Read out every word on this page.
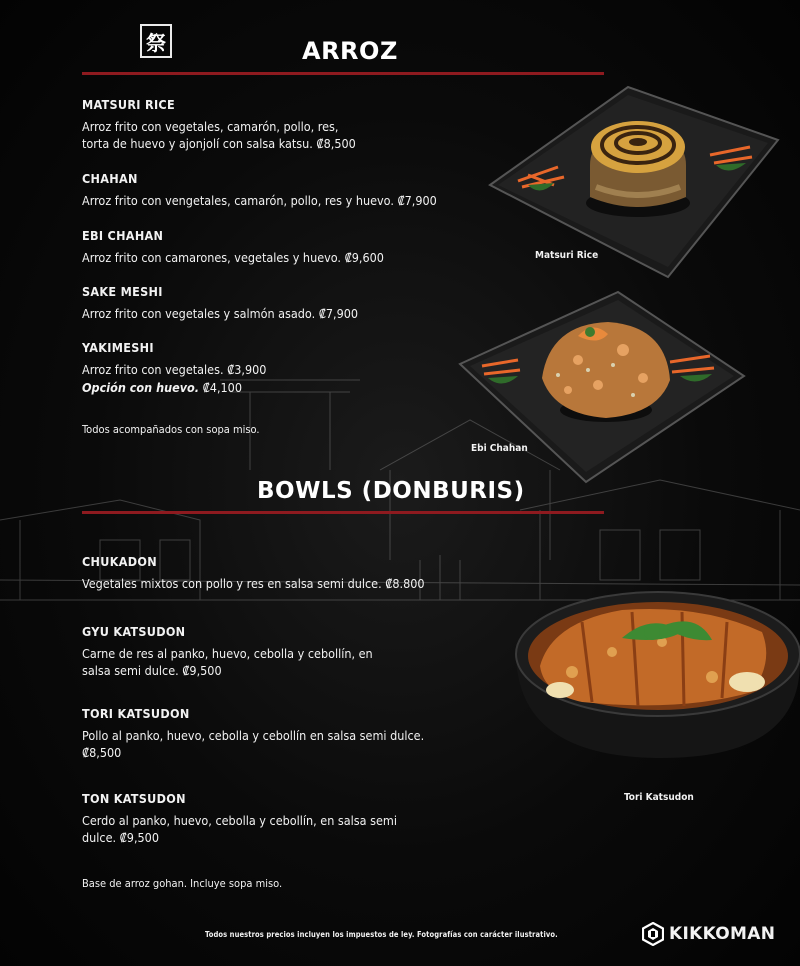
祭	ARROZ
MATSURI RICE
Arroz frito con vegetales, camarón, pollo, res,
torta de huevo y ajonjolí con salsa katsu. ₡8,500
CHAHAN
Arroz frito con vengetales, camarón, pollo, res y huevo. ₡7,900
EBI CHAHAN
Arroz frito con camarones, vegetales y huevo. ₡9,600
SAKE MESHI
Arroz frito con vegetales y salmón asado. ₡7,900
YAKIMESHI
Arroz frito con vegetales. ₡3,900
Opción con huevo. ₡4,100
Todos acompañados con sopa miso.
Matsuri Rice
Ebi Chahan
BOWLS (DONBURIS)
CHUKADON
Vegetales mixtos con pollo y res en salsa semi dulce. ₡8.800
GYU KATSUDON
Carne de res al panko, huevo, cebolla y cebollín, en
salsa semi dulce. ₡9,500
TORI KATSUDON
Pollo al panko, huevo, cebolla y cebollín en salsa semi dulce.
₡8,500
TON KATSUDON
Cerdo al panko, huevo, cebolla y cebollín, en salsa semi
dulce. ₡9,500
Base de arroz gohan. Incluye sopa miso.
Tori Katsudon
Todos nuestros precios incluyen los impuestos de ley. Fotografías con carácter ilustrativo.	KIKKOMAN
